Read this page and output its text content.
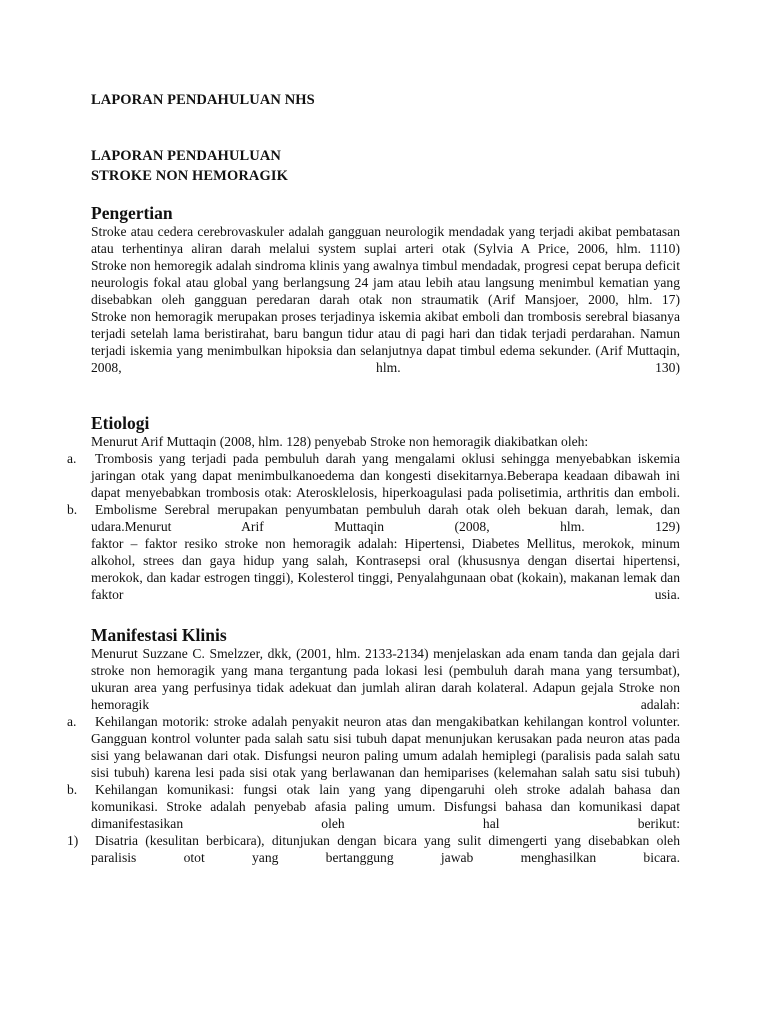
LAPORAN PENDAHULUAN NHS
LAPORAN PENDAHULUAN
STROKE NON HEMORAGIK
Pengertian

Stroke atau cedera cerebrovaskuler adalah gangguan neurologik mendadak yang terjadi akibat pembatasan atau terhentinya aliran darah melalui system suplai arteri otak (Sylvia A Price, 2006, hlm. 1110)

Stroke non hemoregik adalah sindroma klinis yang awalnya timbul mendadak, progresi cepat berupa deficit neurologis fokal atau global yang berlangsung 24 jam atau lebih atau langsung menimbul kematian yang disebabkan oleh gangguan peredaran darah otak non straumatik (Arif Mansjoer, 2000, hlm. 17)

Stroke non hemoragik merupakan proses terjadinya iskemia akibat emboli dan trombosis serebral biasanya terjadi setelah lama beristirahat, baru bangun tidur atau di pagi hari dan tidak terjadi perdarahan. Namun terjadi iskemia yang menimbulkan hipoksia dan selanjutnya dapat timbul edema sekunder. (Arif Muttaqin, 2008, hlm. 130)

Etiologi

Menurut Arif Muttaqin (2008, hlm. 128) penyebab Stroke non hemoragik diakibatkan oleh:

a. Trombosis yang terjadi pada pembuluh darah yang mengalami oklusi sehingga menyebabkan iskemia jaringan otak yang dapat menimbulkanoedema dan kongesti disekitarnya.Beberapa keadaan dibawah ini dapat menyebabkan trombosis otak: Aterosklelosis, hiperkoagulasi pada polisetimia, arthritis dan emboli.

b. Embolisme Serebral merupakan penyumbatan pembuluh darah otak oleh bekuan darah, lemak, dan udara.Menurut Arif Muttaqin (2008, hlm. 129)

faktor – faktor resiko stroke non hemoragik adalah: Hipertensi, Diabetes Mellitus, merokok, minum alkohol, strees dan gaya hidup yang salah, Kontrasepsi oral (khususnya dengan disertai hipertensi, merokok, dan kadar estrogen tinggi), Kolesterol tinggi, Penyalahgunaan obat (kokain), makanan lemak dan faktor usia.

Manifestasi Klinis

Menurut Suzzane C. Smelzzer, dkk, (2001, hlm. 2133-2134) menjelaskan ada enam tanda dan gejala dari stroke non hemoragik yang mana tergantung pada lokasi lesi (pembuluh darah mana yang tersumbat), ukuran area yang perfusinya tidak adekuat dan jumlah aliran darah kolateral. Adapun gejala Stroke non hemoragik adalah:

a. Kehilangan motorik: stroke adalah penyakit neuron atas dan mengakibatkan kehilangan kontrol volunter. Gangguan kontrol volunter pada salah satu sisi tubuh dapat menunjukan kerusakan pada neuron atas pada sisi yang belawanan dari otak. Disfungsi neuron paling umum adalah hemiplegi (paralisis pada salah satu sisi tubuh) karena lesi pada sisi otak yang berlawanan dan hemiparises (kelemahan salah satu sisi tubuh)

b. Kehilangan komunikasi: fungsi otak lain yang yang dipengaruhi oleh stroke adalah bahasa dan komunikasi. Stroke adalah penyebab afasia paling umum. Disfungsi bahasa dan komunikasi dapat dimanifestasikan oleh hal berikut:

1) Disatria (kesulitan berbicara), ditunjukan dengan bicara yang sulit dimengerti yang disebabkan oleh paralisis otot yang bertanggung jawab menghasilkan bicara.
